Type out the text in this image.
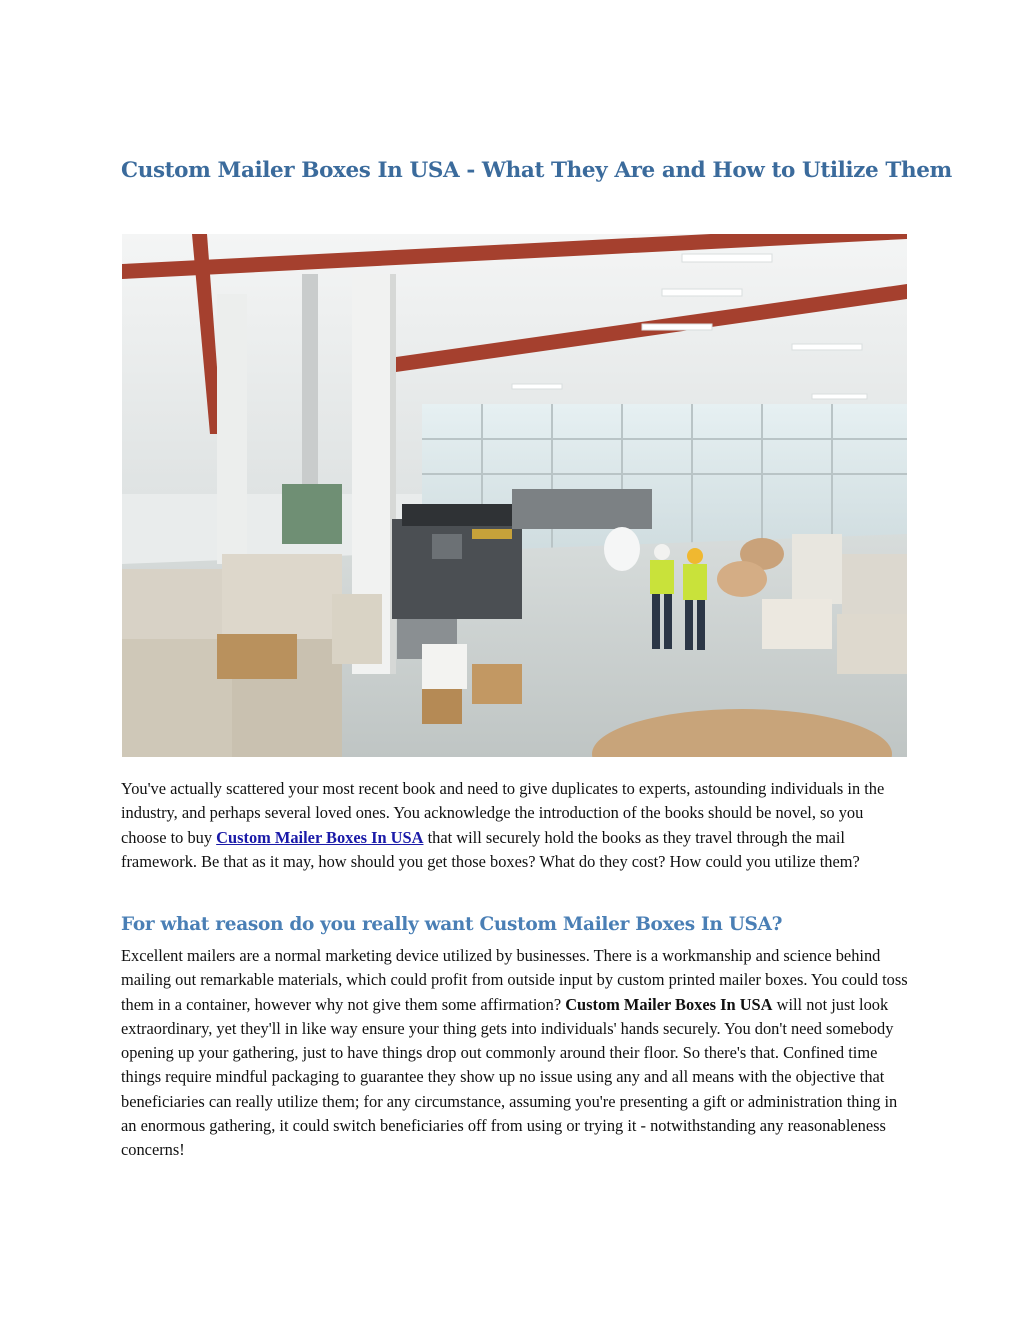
Custom Mailer Boxes In USA - What They Are and How to Utilize Them

You've actually scattered your most recent book and need to give duplicates to experts, astounding individuals in the industry, and perhaps several loved ones. You acknowledge the introduction of the books should be novel, so you choose to buy Custom Mailer Boxes In USA that will securely hold the books as they travel through the mail framework. Be that as it may, how should you get those boxes? What do they cost? How could you utilize them?

For what reason do you really want Custom Mailer Boxes In USA?

Excellent mailers are a normal marketing device utilized by businesses. There is a workmanship and science behind mailing out remarkable materials, which could profit from outside input by custom printed mailer boxes. You could toss them in a container, however why not give them some affirmation? Custom Mailer Boxes In USA will not just look extraordinary, yet they'll in like way ensure your thing gets into individuals' hands securely. You don't need somebody opening up your gathering, just to have things drop out commonly around their floor. So there's that. Confined time things require mindful packaging to guarantee they show up no issue using any and all means with the objective that beneficiaries can really utilize them; for any circumstance, assuming you're presenting a gift or administration thing in an enormous gathering, it could switch beneficiaries off from using or trying it - notwithstanding any reasonableness concerns!
